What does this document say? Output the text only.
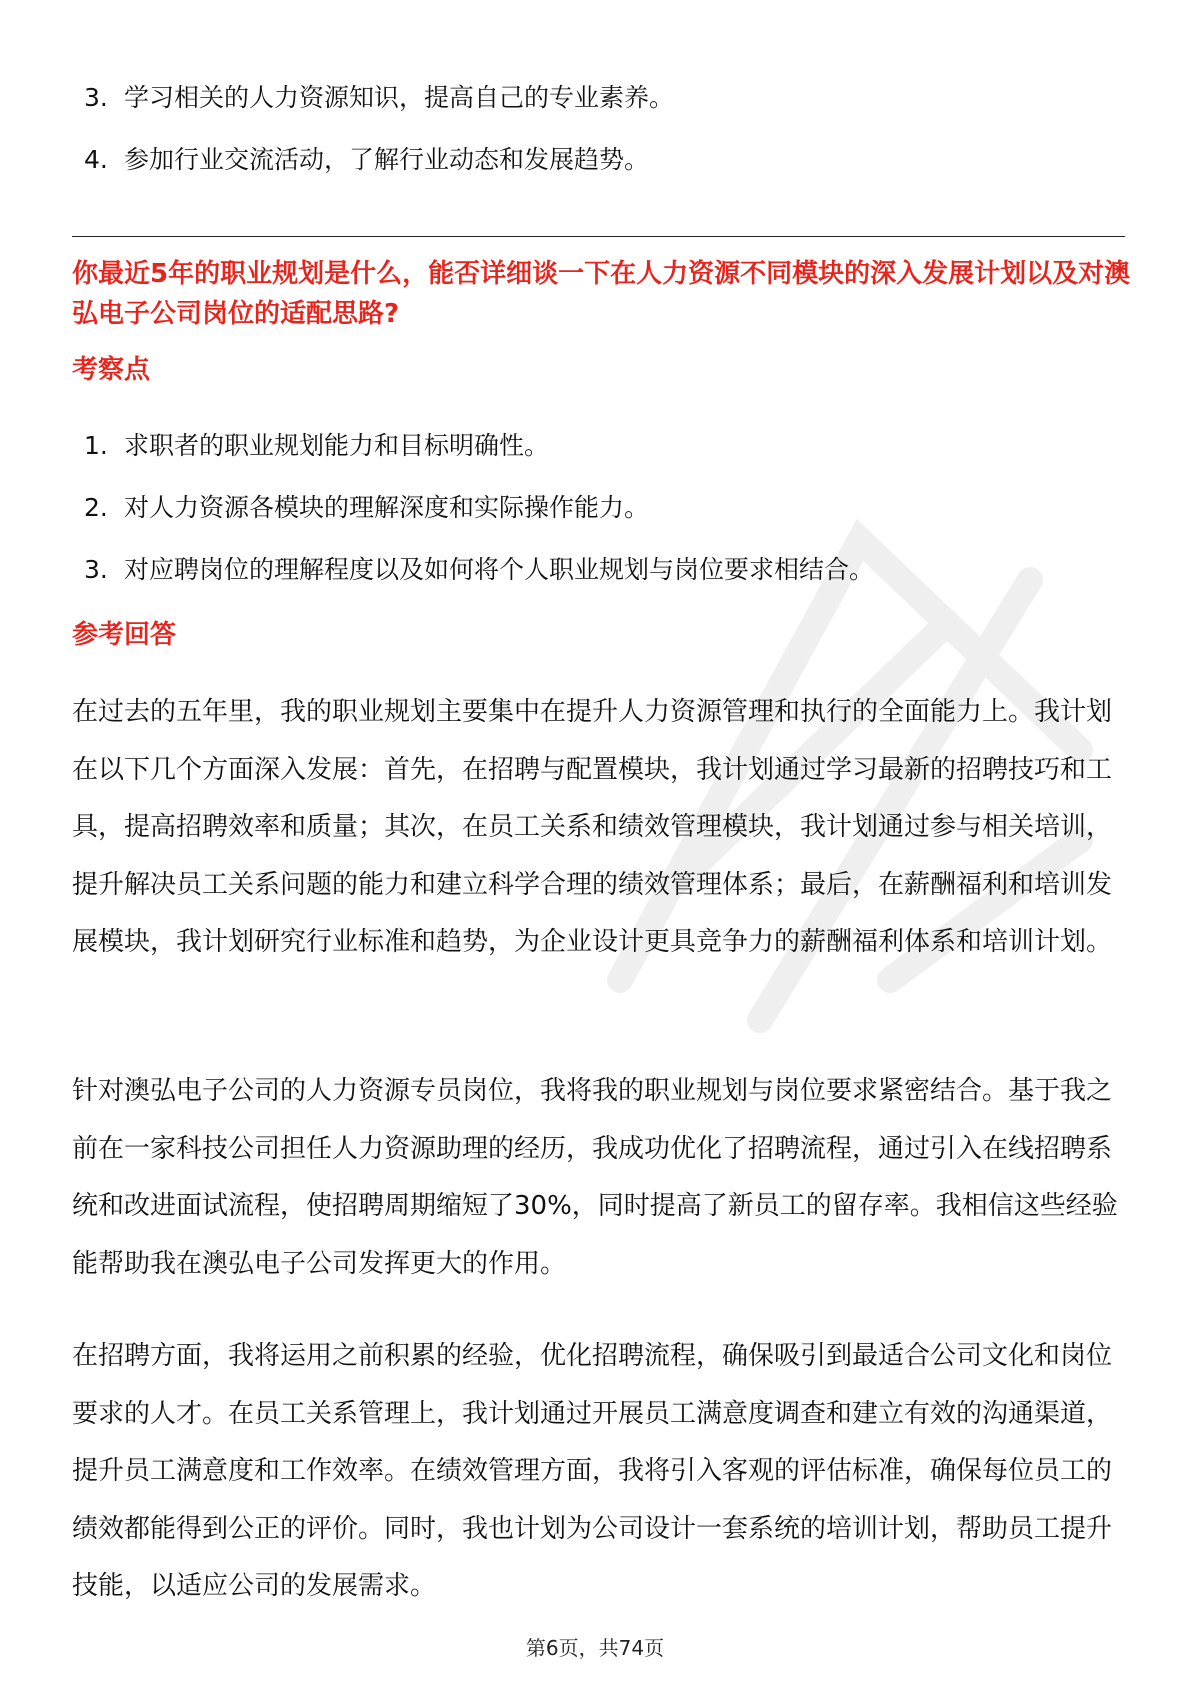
3. 学习相关的人力资源知识，提高自己的专业素养。
4. 参加行业交流活动，了解行业动态和发展趋势。
你最近5年的职业规划是什么，能否详细谈一下在人力资源不同模块的深入发展计划以及对澳弘电子公司岗位的适配思路?
考察点
1. 求职者的职业规划能力和目标明确性。
2. 对人力资源各模块的理解深度和实际操作能力。
3. 对应聘岗位的理解程度以及如何将个人职业规划与岗位要求相结合。
参考回答

在过去的五年里，我的职业规划主要集中在提升人力资源管理和执行的全面能力上。我计划在以下几个方面深入发展：首先，在招聘与配置模块，我计划通过学习最新的招聘技巧和工具，提高招聘效率和质量；其次，在员工关系和绩效管理模块，我计划通过参与相关培训，提升解决员工关系问题的能力和建立科学合理的绩效管理体系；最后，在薪酬福利和培训发展模块，我计划研究行业标准和趋势，为企业设计更具竞争力的薪酬福利体系和培训计划。

针对澳弘电子公司的人力资源专员岗位，我将我的职业规划与岗位要求紧密结合。基于我之前在一家科技公司担任人力资源助理的经历，我成功优化了招聘流程，通过引入在线招聘系统和改进面试流程，使招聘周期缩短了30%，同时提高了新员工的留存率。我相信这些经验能帮助我在澳弘电子公司发挥更大的作用。

在招聘方面，我将运用之前积累的经验，优化招聘流程，确保吸引到最适合公司文化和岗位要求的人才。在员工关系管理上，我计划通过开展员工满意度调查和建立有效的沟通渠道，提升员工满意度和工作效率。在绩效管理方面，我将引入客观的评估标准，确保每位员工的绩效都能得到公正的评价。同时，我也计划为公司设计一套系统的培训计划，帮助员工提升技能，以适应公司的发展需求。

第6页，共74页
